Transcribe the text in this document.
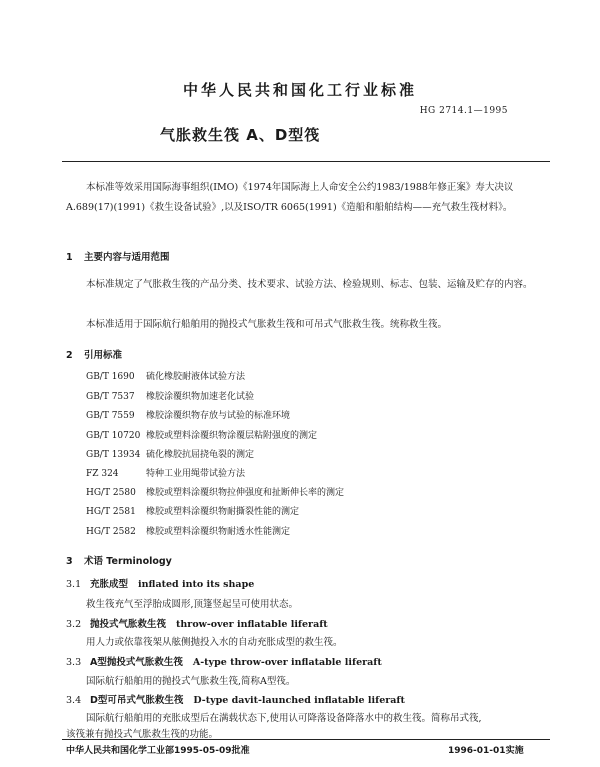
中华人民共和国化工行业标准
HG 2714.1—1995
气胀救生筏 A、D型筏
本标准等效采用国际海事组织(IMO)《1974年国际海上人命安全公约1983/1988年修正案》寿大决议A.689(17)(1991)《救生设备试验》,以及ISO/TR 6065(1991)《造船和船舶结构——充气救生筏材料》。
1 主要内容与适用范围
本标准规定了气胀救生筏的产品分类、技术要求、试验方法、检验规则、标志、包装、运输及贮存的内容。
本标准适用于国际航行船舶用的抛投式气胀救生筏和可吊式气胀救生筏。统称救生筏。
2 引用标准
GB/T 1690 硫化橡胶耐液体试验方法
GB/T 7537 橡胶涂覆织物加速老化试验
GB/T 7559 橡胶涂覆织物存放与试验的标准环境
GB/T 10720 橡胶或塑料涂覆织物涂覆层粘附强度的测定
GB/T 13934 硫化橡胶抗屈挠龟裂的测定
FZ 324	特种工业用绳带试验方法
HG/T 2580 橡胶或塑料涂覆织物拉伸强度和扯断伸长率的测定
HG/T 2581 橡胶或塑料涂覆织物耐撕裂性能的测定
HG/T 2582 橡胶或塑料涂覆织物耐透水性能测定
3 术语 Terminology
3.1 充胀成型 inflated into its shape
救生筏充气至浮胎成圆形,顶篷竖起呈可使用状态。
3.2 抛投式气胀救生筏 throw-over inflatable liferaft
用人力或依靠筏架从舷侧抛投入水的自动充胀成型的救生筏。
3.3 A型抛投式气胀救生筏 A-type throw-over inflatable liferaft
国际航行船舶用的抛投式气胀救生筏,简称A型筏。
3.4 D型可吊式气胀救生筏 D-type davit-launched inflatable liferaft
国际航行船舶用的充胀成型后在满载状态下,使用认可降落设备降落水中的救生筏。简称吊式筏,
该筏兼有抛投式气胀救生筏的功能。
中华人民共和国化学工业部1995-05-09批准	1996-01-01实施
